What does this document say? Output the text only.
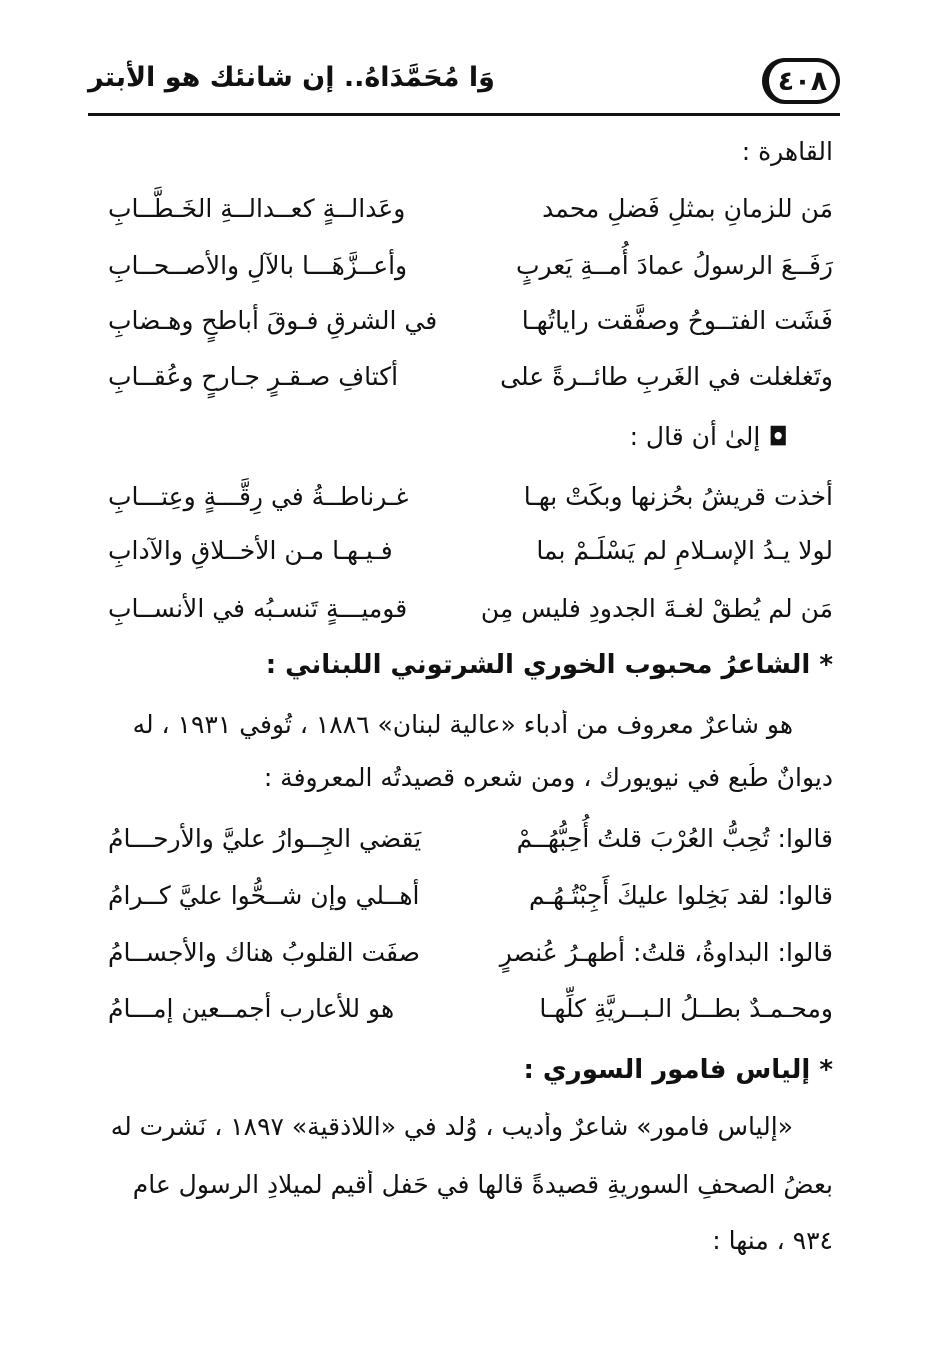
٤٠٨
وَا مُحَمَّدَاهُ.. إن شانئك هو الأبتر
القاهرة :
مَن للزمانِ بمثلِ فَضلِ محمد
وعَدالــةٍ كعــدالــةِ الخَـطَّــابِ
رَفَــعَ الرسولُ عمادَ أُمــةِ يَعربٍ
وأعــزَّهَـــا بالآلِ والأصــحــابِ
فَشَت الفتــوحُ وصفَّقت راياتُهـا
في الشرقِ فـوقَ أباطحٍ وهـضابِ
وتَغلغلت في الغَربِ طائــرةً على
أكتافِ صـقـرٍ جـارحٍ وعُقــابِ
◘ إلىٰ أن قال :
أخذت قريشُ بحُزنها وبكَتْ بهـا
غـرناطــةُ في رِقَّـــةٍ وعِتـــابِ
لولا يـدُ الإسـلامِ لم يَسْلَـمْ بما
فـيـهـا مـن الأخــلاقِ والآدابِ
مَن لم يُطقْ لغـةَ الجدودِ فليس مِن
قوميـــةٍ تَنسـبُه في الأنســابِ
* الشاعرُ محبوب الخوري الشرتوني اللبناني :
هو شاعرٌ معروف من أُدباء «عالية لبنان» ١٨٨٦ ، تُوفي ١٩٣١ ، له
ديوانٌ طُبع في نيويورك ، ومن شعرِه قصيدتُه المعروفة :
قالوا: تُحِبُّ العُرْبَ قلتُ أُحِبُّهُــمْ
يَقضي الجِــوارُ عليَّ والأرحـــامُ
قالوا: لقد بَخِلوا عليكَ أَجِبْتُـهُـم
أهــلي وإن شــحُّوا عليَّ كــرامُ
قالوا: البداوةُ، قلتُ: أطهـرُ عُنصرٍ
صفَت القلوبُ هناك والأجســامُ
ومحـمـدٌ بطــلُ الـبــريَّةِ كلِّهـا
هو للأعارب أجمــعين إمـــامُ
* إلياس فامور السوري :
«إلياس فامور» شاعرٌ وأديب ، وُلد في «اللاذقية» ١٨٩٧ ، نَشرت له
بعضُ الصحفِ السوريةِ قصيدةً قالها في حَفلٍ أُقيم لميلادِ الرسول عام
٩٣٤ ، منها :
